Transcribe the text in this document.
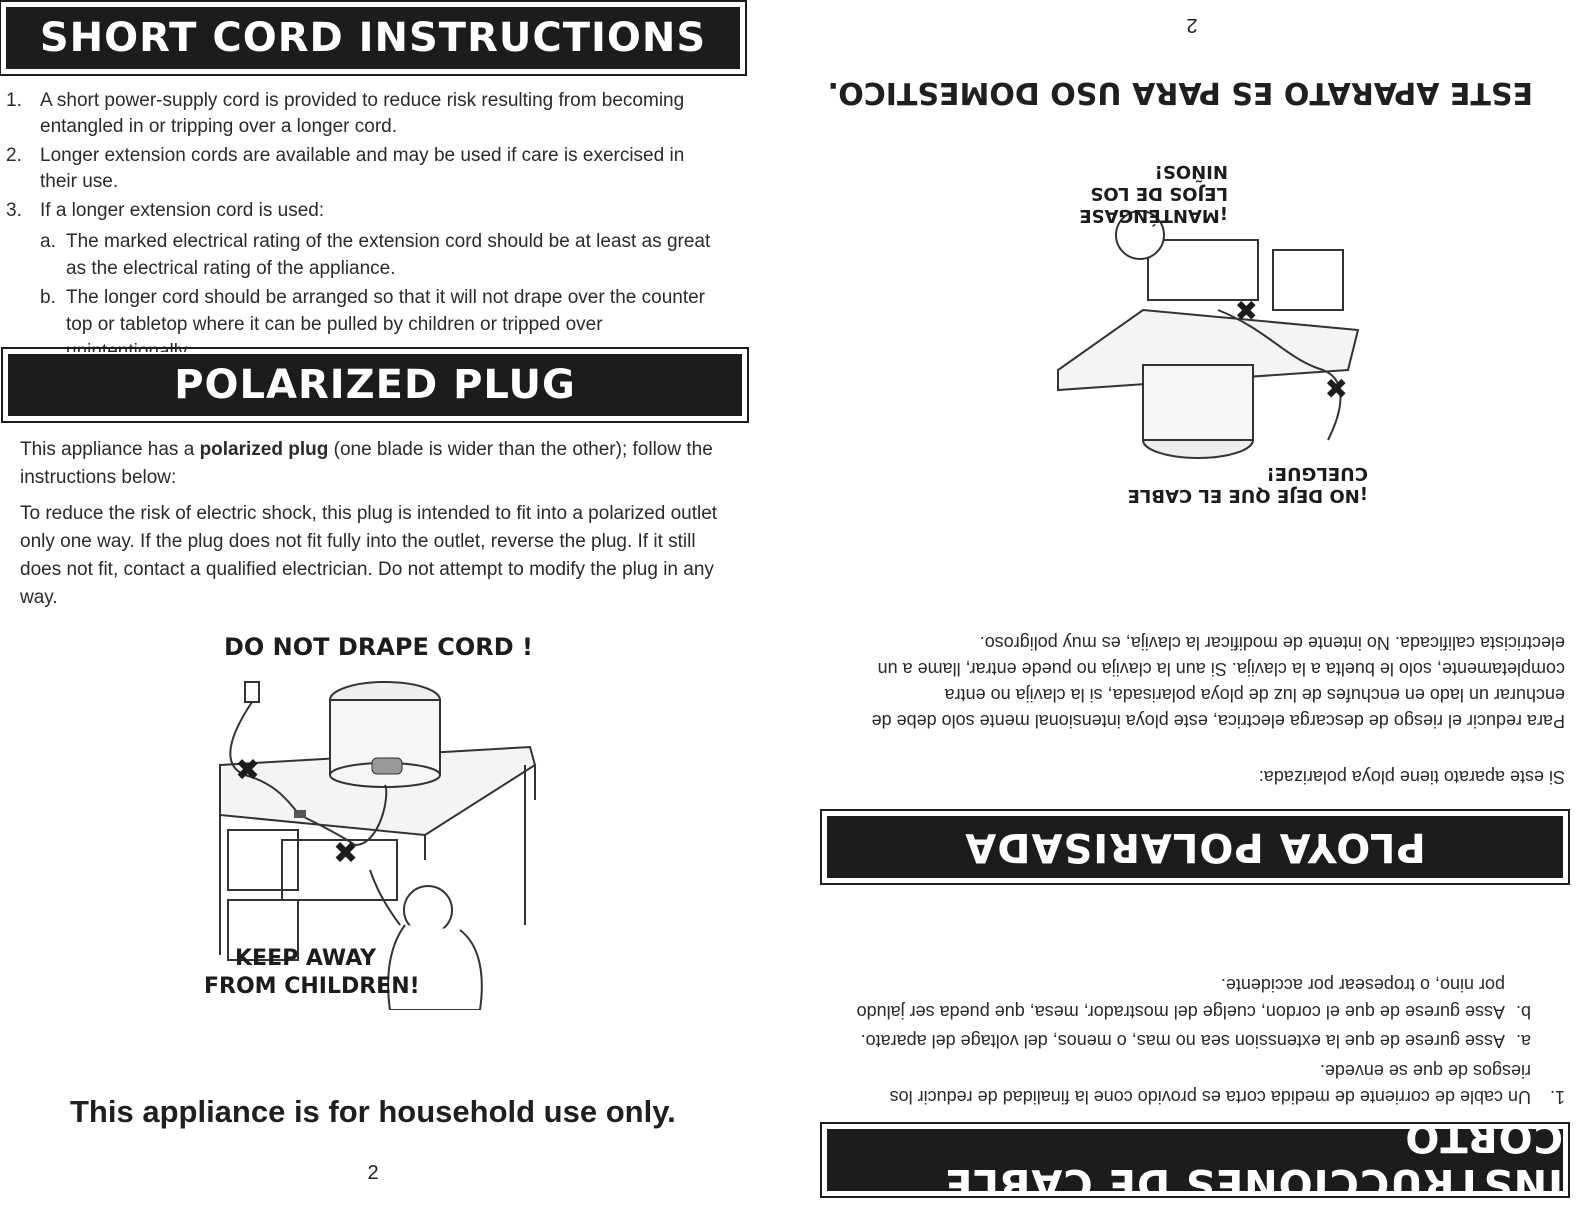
SHORT CORD INSTRUCTIONS
1. A short power-supply cord is provided to reduce risk resulting from becoming entangled in or tripping over a longer cord.
2. Longer extension cords are available and may be used if care is exercised in their use.
3. If a longer extension cord is used:
a. The marked electrical rating of the extension cord should be at least as great as the electrical rating of the appliance.
b. The longer cord should be arranged so that it will not drape over the counter top or tabletop where it can be pulled by children or tripped over
POLARIZED PLUG

This appliance has a polarized plug (one blade is wider than the other); follow the instructions below:

To reduce the risk of electric shock, this plug is intended to fit into a polarized outlet only one way. If the plug does not fit fully into the outlet, reverse the plug. If it still does not fit, contact a qualified electrician. Do not attempt to modify the plug in any way.

DO NOT DRAPE CORD !
✖
✖
KEEP AWAY
FROM CHILDREN!
This appliance is for household use only.
2	INSTRUCCIONES DE CABLE CORTO
1.
Un cable de corriente de medida corta es provido cone la finalidad de reducir los riesgos de que se envede.
a.
Asse gurese de que la extenssion sea no mas, o menos, del voltage del aparato.
b.
Asse gurese de que el cordon, cuelge del mostrador, mesa, que pueda ser jaludo por nino, o tropesear por accidente.
PLOYA POLARISADA

Si este aparato tiene ploya polarizada:

Para reducir el riesgo de descarga electrica, este ploya intensional mente solo debe de enchurar un lado en enchufes de luz de ploya polarisada, si la clavija no entra completamente, solo le buelta a la clavija. Si aun la clavija no puede entrar, llame a un electricista calificada. No intente de modificar la clavija, es muy poligroso.

¡NO DEJE QUE EL CABLE
CUELGUE!
✖
✖
¡MANTÉNGASE
LEJOS DE LOS
NIÑOS!
ESTE APARATO ES PARA USO DOMESTICO.
2
